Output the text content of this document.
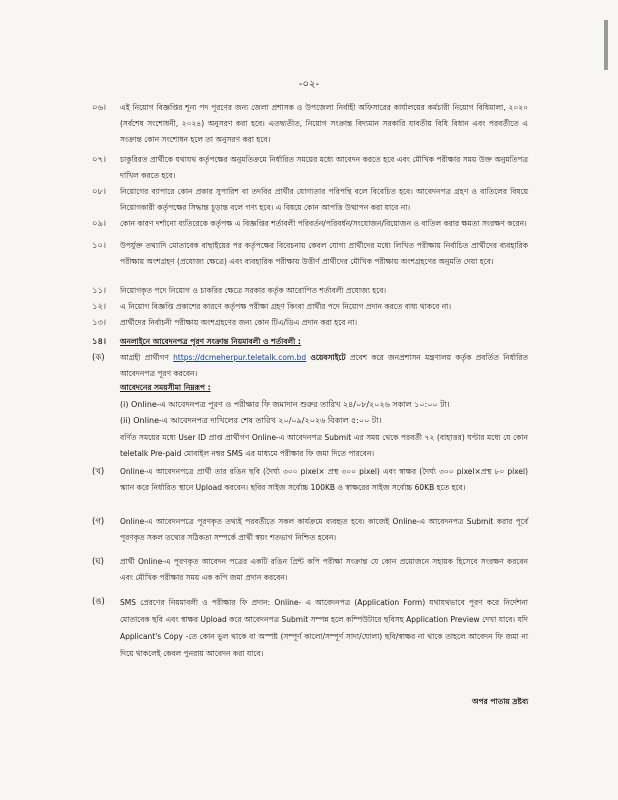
-০২-
০৬। এই নিয়োগ বিজ্ঞপ্তির শূন্য পদ পূরণের জন্য জেলা প্রশাসক ও উপজেলা নির্বাহী অফিসারের কার্যালয়ের কর্মচারী নিয়োগ বিধিমালা, ২০২০ (সর্বশেষ সংশোধনী, ২০২৪) অনুসরণ করা হবে। এতদ্ব্যতীত, নিয়োগ সংক্রান্ত বিদ্যমান সরকারি যাবতীয় বিধি বিধান এবং পরবর্তীতে এ সংক্রান্ত কোন সংশোধন হলে তা অনুসরণ করা হবে।
০৭। চাকুরিরত প্রার্থীকে যথাযথ কর্তৃপক্ষের অনুমতিক্রমে নির্ধারিত সময়ের মধ্যে আবেদন করতে হবে এবং মৌখিক পরীক্ষার সময় উক্ত অনুমতিপত্র দাখিল করতে হবে।
০৮। নিয়োগের ব্যাপারে কোন প্রকার সুপারিশ বা তদবির প্রার্থীর যোগ্যতার পরিপন্থি বলে বিবেচিত হবে। আবেদনপত্র গ্রহণ ও বাতিলের বিষয়ে নিয়োগকারী কর্তৃপক্ষের সিদ্ধান্ত চূড়ান্ত বলে গণ্য হবে। এ বিষয়ে কোন আপত্তি উত্থাপন করা যাবে না।
০৯। কোন কারণ দর্শানো ব্যতিরেকে কর্তৃপক্ষ এ বিজ্ঞপ্তির শর্তাবলী পরিবর্তন/পরিবর্ধন/সংযোজন/বিয়োজন ও বাতিল করার ক্ষমতা সংরক্ষণ করেন।
১০। উপর্যুক্ত তথ্যাদি মোতাবেক বাছাইয়ের পর কর্তৃপক্ষের বিবেচনায় কেবল যোগ্য প্রার্থীদের মধ্যে লিখিত পরীক্ষায় নির্বাচিত প্রার্থীদের ব্যবহারিক পরীক্ষায় অংশগ্রহণ (প্রযোজ্য ক্ষেত্রে) এবং ব্যবহারিক পরীক্ষায় উত্তীর্ণ প্রার্থীদের মৌখিক পরীক্ষায় অংশগ্রহণের অনুমতি দেয়া হবে।
১১। নিয়োগকৃত পদে নিয়োগ ও চাকরির ক্ষেত্রে সরকার কর্তৃক আরোপিত শর্তাবলী প্রযোজ্য হবে।
১২। এ নিয়োগ বিজ্ঞপ্তি প্রকাশের কারণে কর্তৃপক্ষ পরীক্ষা গ্রহণ কিংবা প্রার্থীর পদে নিয়োগ প্রদান করতে বাধ্য থাকবে না।
১৩। প্রার্থীদের নির্বাচনী পরীক্ষায় অংশগ্রহণের জন্য কোন টিএ/ডিএ প্রদান করা হবে না।
১৪। অনলাইনে আবেদনপত্র পূরণ সংক্রান্ত নিয়মাবলী ও শর্তাবলী :
(ক) আগ্রহী প্রার্থীগণ https://dcmeherpur.teletalk.com.bd ওয়েবসাইটে প্রবেশ করে জনপ্রশাসন মন্ত্রণালয় কর্তৃক প্রবর্তিত নির্ধারিত আবেদনপত্র পূরণ করবেন।
আবেদনের সময়সীমা নিম্নরূপ :
(i) Online-এ আবেদনপত্র পূরণ ও পরীক্ষার ফি জমাদান শুরুর তারিখ ২৪/০৮/২০২৬ সকাল ১০:০০ টা।
(ii) Online-এ আবেদনপত্র দাখিলের শেষ তারিখ ২০/০৯/২০২৬ বিকাল ৫:০০ টা।
বর্ণিত সময়ের মধ্যে User ID প্রাপ্ত প্রার্থীগণ Online-এ আবেদনপত্র Submit এর সময় থেকে পরবর্তী ৭২ (বাহাত্তর) ঘণ্টার মধ্যে যে কোন teletalk Pre-paid মোবাইল নম্বর SMS এর মাধ্যমে পরীক্ষার ফি জমা দিতে পারবেন।
(খ) Online-এ আবেদনপত্রে প্রার্থী তার রঙিন ছবি (দৈর্ঘ্য ৩০০ pixel× প্রস্থ ৩০০ pixel) এবং স্বাক্ষর (দৈর্ঘ্য ৩০০ pixel×প্রস্থ ৮০ pixel) স্ক্যান করে নির্ধারিত স্থানে Upload করবেন। ছবির সাইজ সর্বোচ্চ 100KB ও স্বাক্ষরের সাইজ সর্বোচ্চ 60KB হতে হবে।
(গ) Online-এ আবেদনপত্রে পূরণকৃত তথ্যই পরবর্তীতে সকল কার্যক্রমে ব্যবহৃত হবে। কাজেই Online-এ আবেদনপত্র Submit করার পূর্বে পূরণকৃত সকল তথ্যের সঠিকতা সম্পর্কে প্রার্থী স্বয়ং শতভাগ নিশ্চিত হবেন।
(ঘ) প্রার্থী Online-এ পূরণকৃত আবেদন পত্রের একটি রঙিন প্রিন্ট কপি পরীক্ষা সংক্রান্ত যে কোন প্রয়োজনে সহায়ক হিসেবে সংরক্ষণ করবেন এবং মৌখিক পরীক্ষার সময় এক কপি জমা প্রদান করবেন।
(ঙ) SMS প্রেরণের নিয়মাবলী ও পরীক্ষার ফি প্রদান: Online- এ আবেদনপত্র (Application Form) যথাযথভাবে পূরণ করে নির্দেশনা মোতাবেক ছবি এবং স্বাক্ষর Upload করে আবেদনপত্র Submit সম্পন্ন হলে কম্পিউটারে ছবিসহ Application Preview দেখা যাবে। যদি Applicant's Copy -তে কোন ভুল থাকে বা অস্পষ্ট (সম্পূর্ণ কালো/সম্পূর্ণ সাদা/ঘোলা) ছবি/স্বাক্ষর না থাকে তাহলে আবেদন ফি জমা না দিয়ে থাকলেই কেবল পুনরায় আবেদন করা যাবে।
অপর পাতায় দ্রষ্টব্য
